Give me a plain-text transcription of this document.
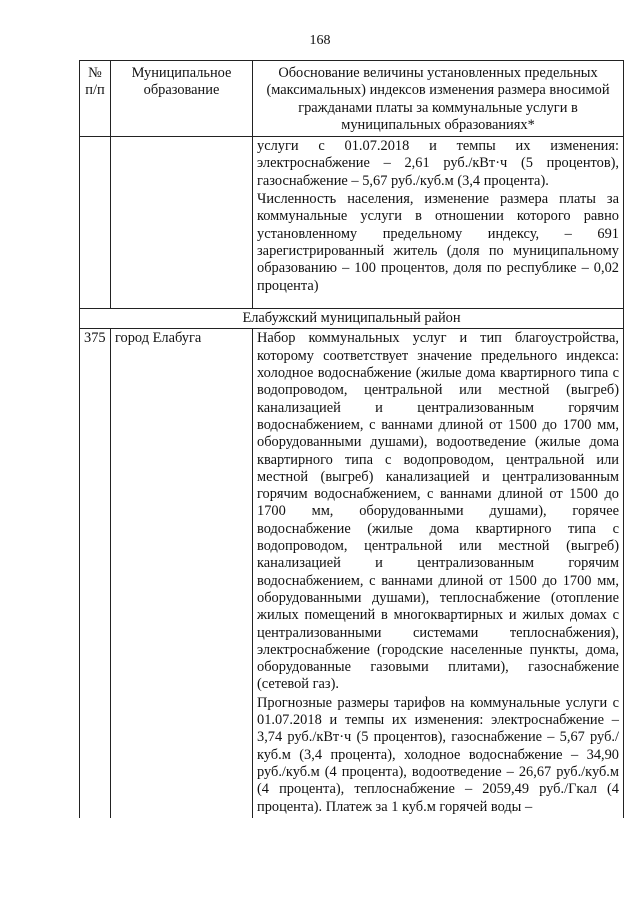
168
№ п/п	Муниципальное образование	Обоснование величины установленных предельных (максимальных) индексов изменения размера вносимой гражданами платы за коммунальные услуги в муниципальных образованиях*

		услуги с 01.07.2018 и темпы их изменения: электроснабжение – 2,61 руб./кВт·ч (5 процентов), газоснабжение – 5,67 руб./куб.м (3,4 процента).

Численность населения, изменение размера платы за коммунальные услуги в отношении которого равно установленному предельному индексу, – 691 зарегистрированный житель (доля по муниципальному образованию – 100 процентов, доля по республике – 0,02 процента)

Елабужский муниципальный район		
375	город Елабуга	Набор коммунальных услуг и тип благоустройства, которому соответствует значение предельного индекса: холодное водоснабжение (жилые дома квартирного типа с водопроводом, центральной или местной (выгреб) канализацией и централизованным горячим водоснабжением, с ваннами длиной от 1500 до 1700 мм, оборудованными душами), водоотведение (жилые дома квартирного типа с водопроводом, центральной или местной (выгреб) канализацией и централизованным горячим водоснабжением, с ваннами длиной от 1500 до 1700 мм, оборудованными душами), горячее водоснабжение (жилые дома квартирного типа с водопроводом, центральной или местной (выгреб) канализацией и централизованным горячим водоснабжением, с ваннами длиной от 1500 до 1700 мм, оборудованными душами), теплоснабжение (отопление жилых помещений в многоквартирных и жилых домах с централизованными системами теплоснабжения), электроснабжение (городские населенные пункты, дома, оборудованные газовыми плитами), газоснабжение (сетевой газ).

Прогнозные размеры тарифов на коммунальные услуги с 01.07.2018 и темпы их изменения: электроснабжение – 3,74 руб./кВт·ч (5 процентов), газоснабжение – 5,67 руб./куб.м (3,4 процента), холодное водоснабжение – 34,90 руб./куб.м (4 процента), водоотведение – 26,67 руб./куб.м (4 процента), теплоснабжение – 2059,49 руб./Гкал (4 процента). Платеж за 1 куб.м горячей воды –
